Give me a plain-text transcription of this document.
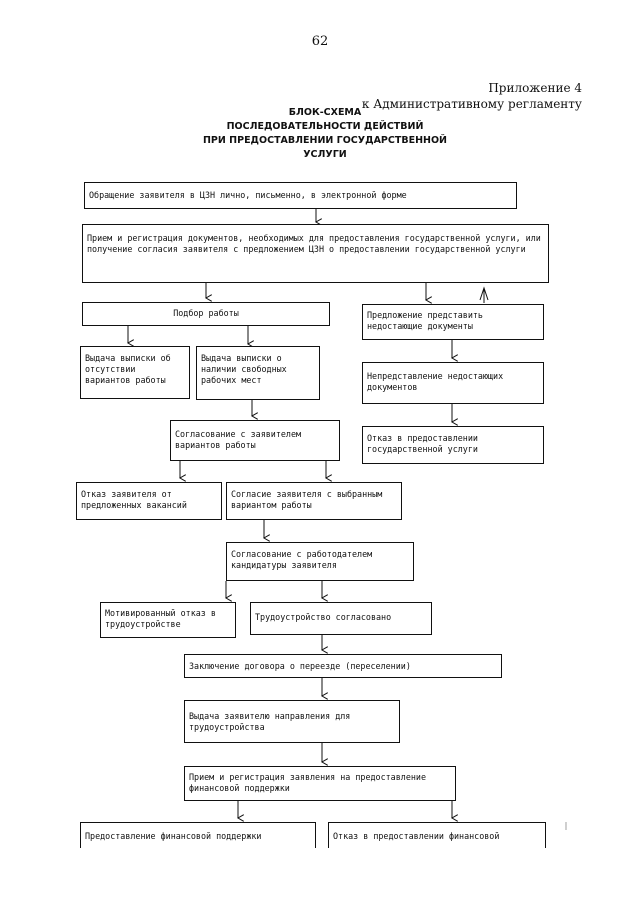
62
Приложение 4
к Административному регламенту
БЛОК-СХЕМА
ПОСЛЕДОВАТЕЛЬНОСТИ ДЕЙСТВИЙ
ПРИ ПРЕДОСТАВЛЕНИИ ГОСУДАРСТВЕННОЙ УСЛУГИ
Обращение заявителя в ЦЗН лично, письменно, в электронной форме
Прием и регистрация документов, необходимых для предоставления государственной услуги, или получение согласия заявителя с предложением ЦЗН о предоставлении государственной услуги
Подбор работы	Предложение представить недостающие документы
Выдача выписки об отсутствии вариантов работы
Выдача выписки о наличии свободных рабочих мест	Непредставление недостающих документов
Согласование с заявителем вариантов работы
Отказ в предоставлении государственной услуги
Отказ заявителя от предложенных вакансий
Согласие заявителя с выбранным вариантом работы
Согласование с работодателем кандидатуры заявителя
Мотивированный отказ в трудоустройстве
Трудоустройство согласовано
Заключение договора о переезде (переселении)
Выдача заявителю направления для трудоустройства
Прием и регистрация заявления на предоставление финансовой поддержки
Предоставление финансовой поддержки	Отказ в предоставлении финансовой
